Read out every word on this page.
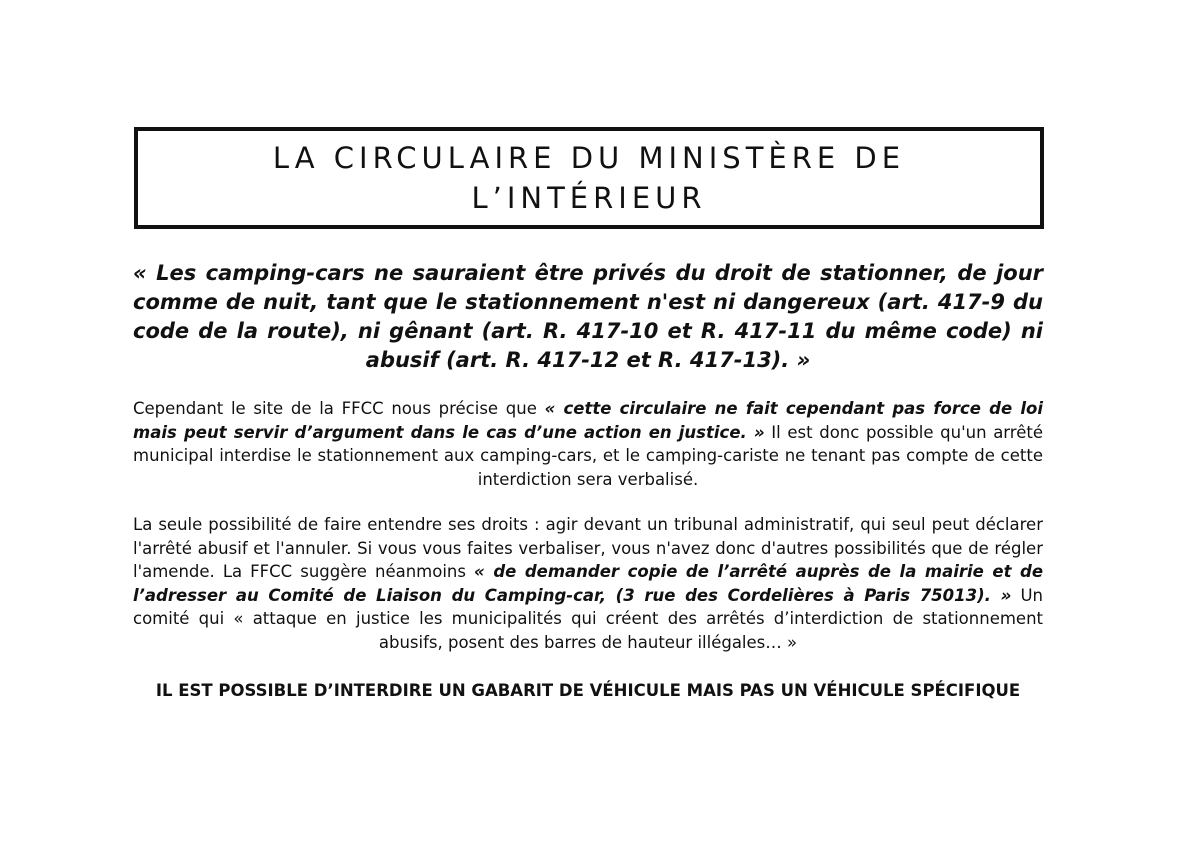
LA CIRCULAIRE DU MINISTÈRE DE
L’INTÉRIEUR
« Les camping-cars ne sauraient être privés du droit de stationner, de jour comme de nuit, tant que le stationnement n'est ni dangereux (art. 417-9 du code de la route), ni gênant (art. R. 417-10 et R. 417-11 du même code) ni abusif (art. R. 417-12 et R. 417-13). »
Cependant le site de la FFCC nous précise que « cette circulaire ne fait cependant pas force de loi mais peut servir d’argument dans le cas d’une action en justice. » Il est donc possible qu'un arrêté municipal interdise le stationnement aux camping-cars, et le camping-cariste ne tenant pas compte de cette interdiction sera verbalisé.
La seule possibilité de faire entendre ses droits : agir devant un tribunal administratif, qui seul peut déclarer l'arrêté abusif et l'annuler. Si vous vous faites verbaliser, vous n'avez donc d'autres possibilités que de régler l'amende. La FFCC suggère néanmoins « de demander copie de l’arrêté auprès de la mairie et de l’adresser au Comité de Liaison du Camping-car, (3 rue des Cordelières à Paris 75013). » Un comité qui « attaque en justice les municipalités qui créent des arrêtés d’interdiction de stationnement abusifs, posent des barres de hauteur illégales… »
IL EST POSSIBLE D’INTERDIRE UN GABARIT DE VÉHICULE MAIS PAS UN VÉHICULE SPÉCIFIQUE
